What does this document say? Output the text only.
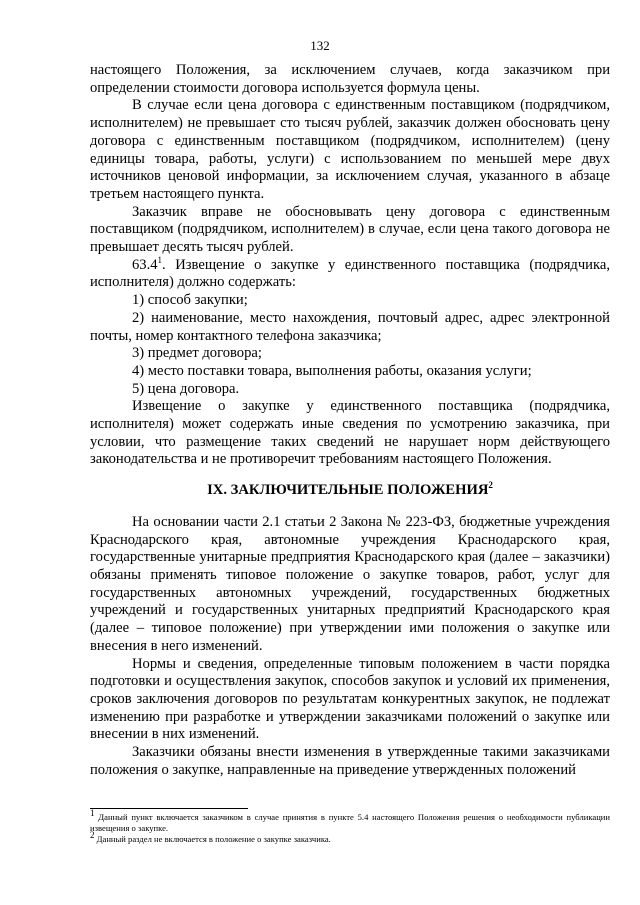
132

настоящего Положения, за исключением случаев, когда заказчиком при определении стоимости договора используется формула цены.

В случае если цена договора с единственным поставщиком (подрядчиком, исполнителем) не превышает сто тысяч рублей, заказчик должен обосновать цену договора с единственным поставщиком (подрядчиком, исполнителем) (цену единицы товара, работы, услуги) с использованием по меньшей мере двух источников ценовой информации, за исключением случая, указанного в абзаце третьем настоящего пункта.

Заказчик вправе не обосновывать цену договора с единственным поставщиком (подрядчиком, исполнителем) в случае, если цена такого договора не превышает десять тысяч рублей.

63.4$^1$. Извещение о закупке у единственного поставщика (подрядчика, исполнителя) должно содержать:

1) способ закупки;

2) наименование, место нахождения, почтовый адрес, адрес электронной почты, номер контактного телефона заказчика;

3) предмет договора;

4) место поставки товара, выполнения работы, оказания услуги;

5) цена договора.

Извещение о закупке у единственного поставщика (подрядчика, исполнителя) может содержать иные сведения по усмотрению заказчика, при условии, что размещение таких сведений не нарушает норм действующего законодательства и не противоречит требованиям настоящего Положения.

IX. ЗАКЛЮЧИТЕЛЬНЫЕ ПОЛОЖЕНИЯ$^2$

На основании части 2.1 статьи 2 Закона № 223-ФЗ, бюджетные учреждения Краснодарского края, автономные учреждения Краснодарского края, государственные унитарные предприятия Краснодарского края (далее – заказчики) обязаны применять типовое положение о закупке товаров, работ, услуг для государственных автономных учреждений, государственных бюджетных учреждений и государственных унитарных предприятий Краснодарского края (далее – типовое положение) при утверждении ими положения о закупке или внесения в него изменений.

Нормы и сведения, определенные типовым положением в части порядка подготовки и осуществления закупок, способов закупок и условий их применения, сроков заключения договоров по результатам конкурентных закупок, не подлежат изменению при разработке и утверждении заказчиками положений о закупке или внесении в них изменений.

Заказчики обязаны внести изменения в утвержденные такими заказчиками положения о закупке, направленные на приведение утвержденных положений

$^1$ Данный пункт включается заказчиком в случае принятия в пункте 5.4 настоящего Положения решения о необходимости публикации извещения о закупке.

$^2$ Данный раздел не включается в положение о закупке заказчика.
